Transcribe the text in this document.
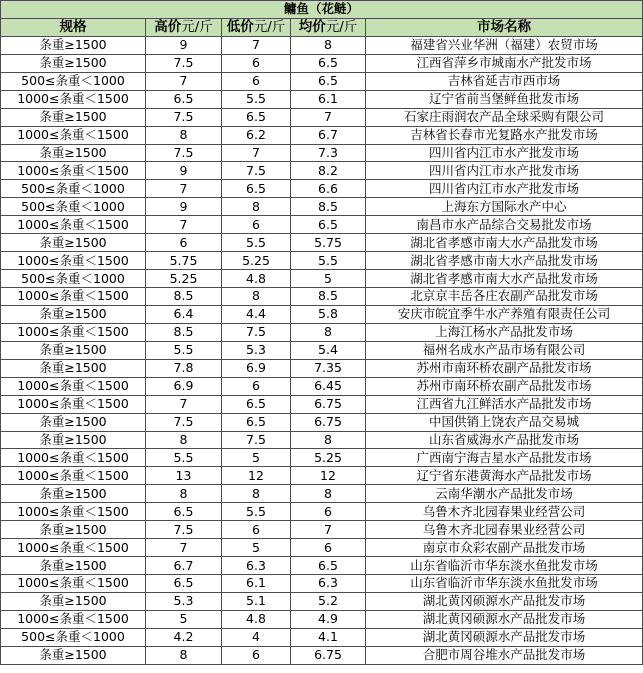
鳙鱼（花鲢）				
规格	高价元/斤	低价元/斤	均价元/斤	市场名称
条重≥1500	9	7	8	福建省兴业华洲（福建）农贸市场
条重≥1500	7.5	6	6.5	江西省萍乡市城南水产批发市场
500≤条重＜1000	7	6	6.5	吉林省延吉市西市场
1000≤条重＜1500	6.5	5.5	6.1	辽宁省前当堡鲜鱼批发市场
条重≥1500	7.5	6.5	7	石家庄雨润农产品全球采购有限公司
1000≤条重＜1500	8	6.2	6.7	吉林省长春市光复路水产批发市场
条重≥1500	7.5	7	7.3	四川省内江市水产批发市场
1000≤条重＜1500	9	7.5	8.2	四川省内江市水产批发市场
500≤条重＜1000	7	6.5	6.6	四川省内江市水产批发市场
500≤条重＜1000	9	8	8.5	上海东方国际水产中心
1000≤条重＜1500	7	6	6.5	南昌市水产品综合交易批发市场
条重≥1500	6	5.5	5.75	湖北省孝感市南大水产品批发市场
1000≤条重＜1500	5.75	5.25	5.5	湖北省孝感市南大水产品批发市场
500≤条重＜1000	5.25	4.8	5	湖北省孝感市南大水产品批发市场
1000≤条重＜1500	8.5	8	8.5	北京京丰岳各庄农副产品批发市场
条重≥1500	6.4	4.4	5.8	安庆市皖宜季牛水产养殖有限责任公司
1000≤条重＜1500	8.5	7.5	8	上海江杨水产品批发市场
条重≥1500	5.5	5.3	5.4	福州名成水产品市场有限公司
条重≥1500	7.8	6.9	7.35	苏州市南环桥农副产品批发市场
1000≤条重＜1500	6.9	6	6.45	苏州市南环桥农副产品批发市场
1000≤条重＜1500	7	6.5	6.75	江西省九江鲜活水产品批发市场
条重≥1500	7.5	6.5	6.75	中国供销上饶农产品交易城
条重≥1500	8	7.5	8	山东省威海水产品批发市场
1000≤条重＜1500	5.5	5	5.25	广西南宁海吉星水产品批发市场
1000≤条重＜1500	13	12	12	辽宁省东港黄海水产品批发市场
条重≥1500	8	8	8	云南华潮水产品批发市场
1000≤条重＜1500	6.5	5.5	6	乌鲁木齐北园春果业经营公司
条重≥1500	7.5	6	7	乌鲁木齐北园春果业经营公司
1000≤条重＜1500	7	5	6	南京市众彩农副产品批发市场
条重≥1500	6.7	6.3	6.5	山东省临沂市华东淡水鱼批发市场
1000≤条重＜1500	6.5	6.1	6.3	山东省临沂市华东淡水鱼批发市场
条重≥1500	5.3	5.1	5.2	湖北黄冈硕源水产品批发市场
1000≤条重＜1500	5	4.8	4.9	湖北黄冈硕源水产品批发市场
500≤条重＜1000	4.2	4	4.1	湖北黄冈硕源水产品批发市场
条重≥1500	8	6	6.75	合肥市周谷堆水产品批发市场
